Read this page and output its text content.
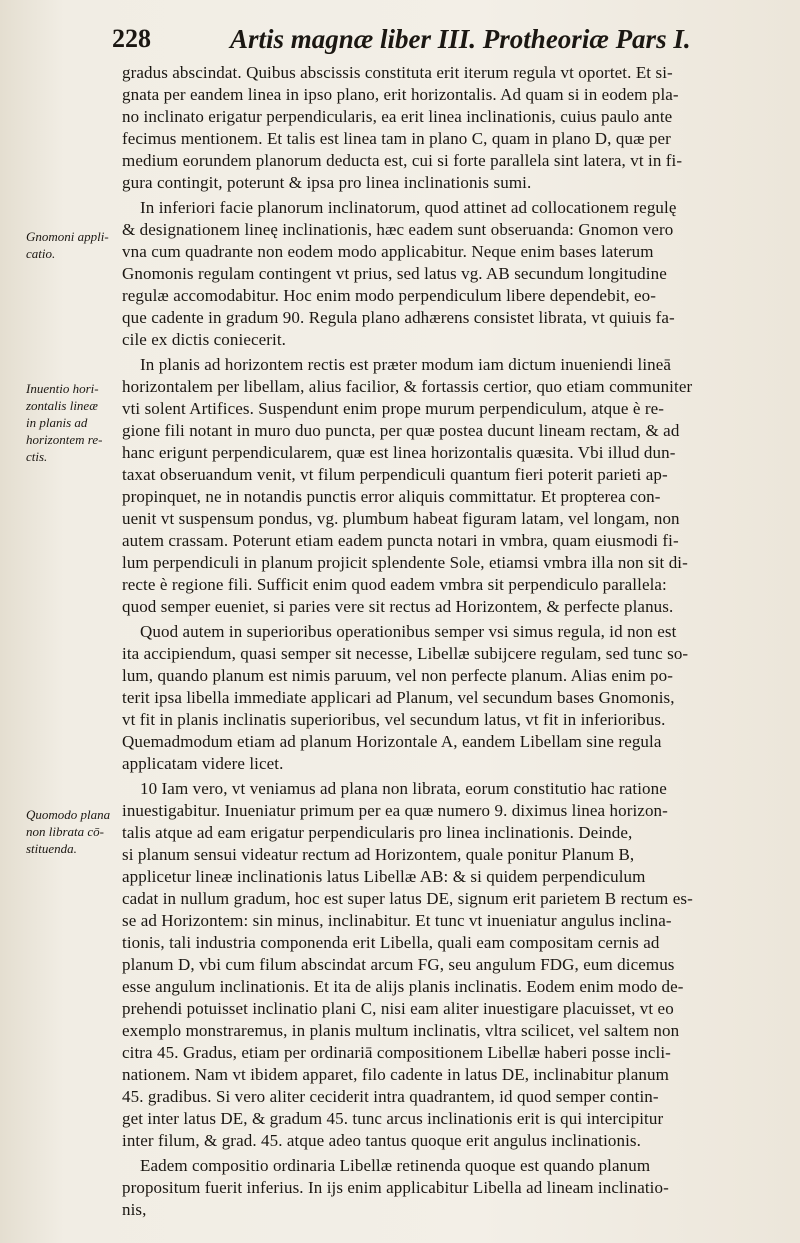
228	Artis magnæ liber III. Protheoriæ Pars I.
Gnomoni appli-
catio.
Inuentio hori-
zontalis lineæ
in planis ad
horizontem re-
ctis.
Quomodo plana
non librata cō-
stituenda.
gradus abscindat. Quibus abscissis constituta erit iterum regula vt oportet. Et si-
gnata per eandem linea in ipso plano, erit horizontalis. Ad quam si in eodem pla-
no inclinato erigatur perpendicularis, ea erit linea inclinationis, cuius paulo ante
fecimus mentionem. Et talis est linea tam in plano C, quam in plano D, quæ per
medium eorundem planorum deducta est, cui si forte parallela sint latera, vt in fi-
gura contingit, poterunt & ipsa pro linea inclinationis sumi.
In inferiori facie planorum inclinatorum, quod attinet ad collocationem regulę
& designationem lineę inclinationis, hæc eadem sunt obseruanda: Gnomon vero
vna cum quadrante non eodem modo applicabitur. Neque enim bases laterum
Gnomonis regulam contingent vt prius, sed latus vg. AB secundum longitudine
regulæ accomodabitur. Hoc enim modo perpendiculum libere dependebit, eo-
que cadente in gradum 90. Regula plano adhærens consistet librata, vt quiuis fa-
cile ex dictis coniecerit.
In planis ad horizontem rectis est præter modum iam dictum inueniendi lineā
horizontalem per libellam, alius facilior, & fortassis certior, quo etiam communiter
vti solent Artifices. Suspendunt enim prope murum perpendiculum, atque è re-
gione fili notant in muro duo puncta, per quæ postea ducunt lineam rectam, & ad
hanc erigunt perpendicularem, quæ est linea horizontalis quæsita. Vbi illud dun-
taxat obseruandum venit, vt filum perpendiculi quantum fieri poterit parieti ap-
propinquet, ne in notandis punctis error aliquis committatur. Et propterea con-
uenit vt suspensum pondus, vg. plumbum habeat figuram latam, vel longam, non
autem crassam. Poterunt etiam eadem puncta notari in vmbra, quam eiusmodi fi-
lum perpendiculi in planum projicit splendente Sole, etiamsi vmbra illa non sit di-
recte è regione fili. Sufficit enim quod eadem vmbra sit perpendiculo parallela:
quod semper eueniet, si paries vere sit rectus ad Horizontem, & perfecte planus.
Quod autem in superioribus operationibus semper vsi simus regula, id non est
ita accipiendum, quasi semper sit necesse, Libellæ subijcere regulam, sed tunc so-
lum, quando planum est nimis paruum, vel non perfecte planum. Alias enim po-
terit ipsa libella immediate applicari ad Planum, vel secundum bases Gnomonis,
vt fit in planis inclinatis superioribus, vel secundum latus, vt fit in inferioribus.
Quemadmodum etiam ad planum Horizontale A, eandem Libellam sine regula
applicatam videre licet.
10 Iam vero, vt veniamus ad plana non librata, eorum constitutio hac ratione
inuestigabitur. Inueniatur primum per ea quæ numero 9. diximus linea horizon-
talis atque ad eam erigatur perpendicularis pro linea inclinationis. Deinde,
si planum sensui videatur rectum ad Horizontem, quale ponitur Planum B,
applicetur lineæ inclinationis latus Libellæ AB: & si quidem perpendiculum
cadat in nullum gradum, hoc est super latus DE, signum erit parietem B rectum es-
se ad Horizontem: sin minus, inclinabitur. Et tunc vt inueniatur angulus inclina-
tionis, tali industria componenda erit Libella, quali eam compositam cernis ad
planum D, vbi cum filum abscindat arcum FG, seu angulum FDG, eum dicemus
esse angulum inclinationis. Et ita de alijs planis inclinatis. Eodem enim modo de-
prehendi potuisset inclinatio plani C, nisi eam aliter inuestigare placuisset, vt eo
exemplo monstraremus, in planis multum inclinatis, vltra scilicet, vel saltem non
citra 45. Gradus, etiam per ordinariā compositionem Libellæ haberi posse incli-
nationem. Nam vt ibidem apparet, filo cadente in latus DE, inclinabitur planum
45. gradibus. Si vero aliter ceciderit intra quadrantem, id quod semper contin-
get inter latus DE, & gradum 45. tunc arcus inclinationis erit is qui intercipitur
inter filum, & grad. 45. atque adeo tantus quoque erit angulus inclinationis.
Eadem compositio ordinaria Libellæ retinenda quoque est quando planum
propositum fuerit inferius. In ijs enim applicabitur Libella ad lineam inclinatio-
nis,
